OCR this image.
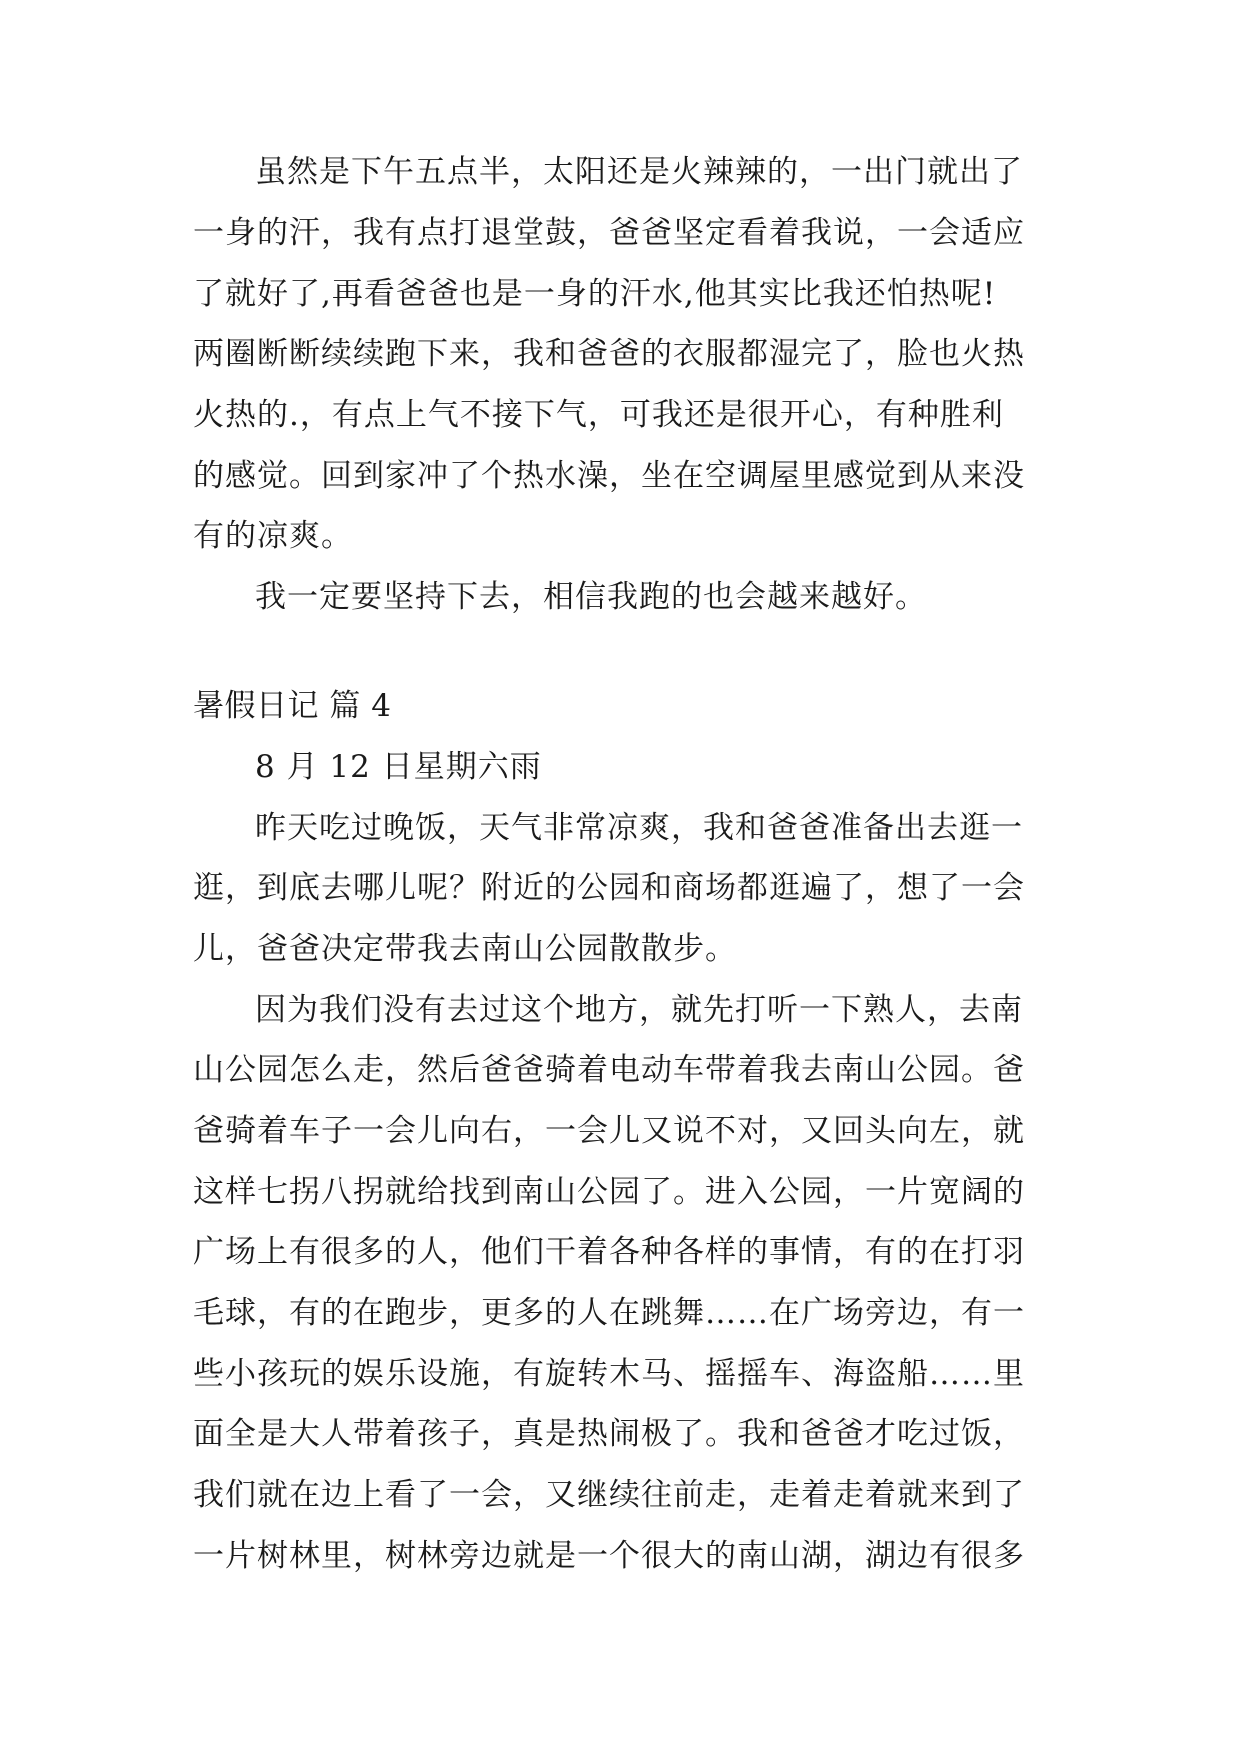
虽然是下午五点半，太阳还是火辣辣的，一出门就出了
一身的汗，我有点打退堂鼓，爸爸坚定看着我说，一会适应
了就好了,再看爸爸也是一身的汗水,他其实比我还怕热呢!
两圈断断续续跑下来，我和爸爸的衣服都湿完了，脸也火热
火热的.，有点上气不接下气，可我还是很开心，有种胜利
的感觉。回到家冲了个热水澡，坐在空调屋里感觉到从来没
有的凉爽。
我一定要坚持下去，相信我跑的也会越来越好。
暑假日记 篇 4
8 月 12 日星期六雨
昨天吃过晚饭，天气非常凉爽，我和爸爸准备出去逛一
逛，到底去哪儿呢？附近的公园和商场都逛遍了，想了一会
儿，爸爸决定带我去南山公园散散步。
因为我们没有去过这个地方，就先打听一下熟人，去南
山公园怎么走，然后爸爸骑着电动车带着我去南山公园。爸
爸骑着车子一会儿向右，一会儿又说不对，又回头向左，就
这样七拐八拐就给找到南山公园了。进入公园，一片宽阔的
广场上有很多的人，他们干着各种各样的事情，有的在打羽
毛球，有的在跑步，更多的人在跳舞……在广场旁边，有一
些小孩玩的娱乐设施，有旋转木马、摇摇车、海盗船……里
面全是大人带着孩子，真是热闹极了。我和爸爸才吃过饭，
我们就在边上看了一会，又继续往前走，走着走着就来到了
一片树林里，树林旁边就是一个很大的南山湖，湖边有很多
